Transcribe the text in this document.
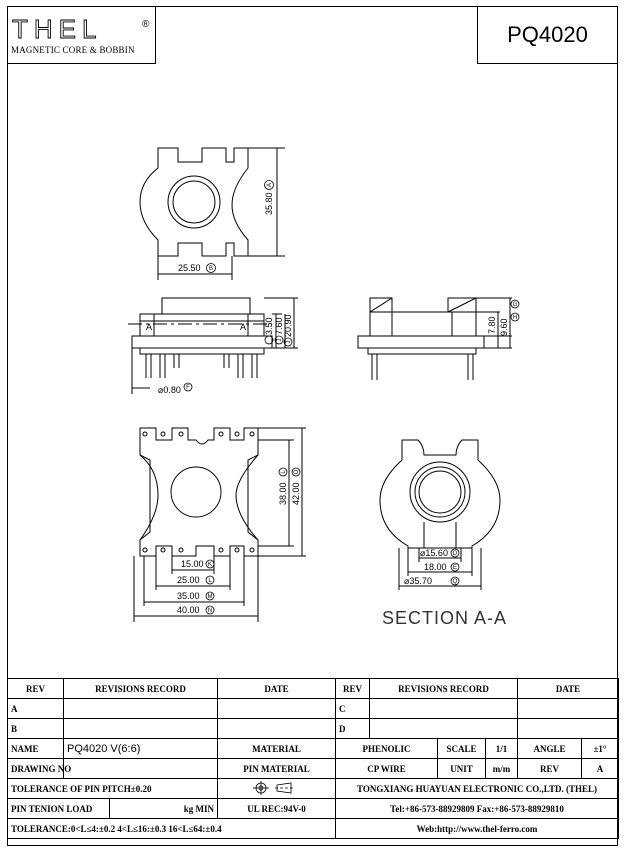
THEL	®
MAGNETIC CORE & BOBBIN
PQ4020
35.80
25.50
3.50 7.60 20.90
⌀0.80
A	A	7.80 9.60
38.00 42.00
15.00
25.00
35.00
40.00
⌀15.60
18.00
⌀35.70
SECTION A-A
A
B
J
J
F
G
H
L O
K
L
M
N
D
E
Q
REV	REVISIONS RECORD		DATE	REV	REVISIONS RECORD			DATE	
A				C					
B				D					
NAME	PQ4020 V(6:6)		MATERIAL	PHENOLIC		SCALE	1/1	ANGLE	±1°
DRAWING NO			PIN MATERIAL	CP WIRE		UNIT	m/m	REV	A
TOLERANCE OF PIN PITCH±0.20				TONGXIANG HUAYUAN ELECTRONIC CO.,LTD. (THEL)					
PIN TENION LOAD		kg MIN	UL REC:94V-0	Tel:+86-573-88929809 Fax:+86-573-88929810					
TOLERANCE:0<L≤4:±0.2 4<L≤16:±0.3 16<L≤64:±0.4				Web:http://www.thel-ferro.com					
